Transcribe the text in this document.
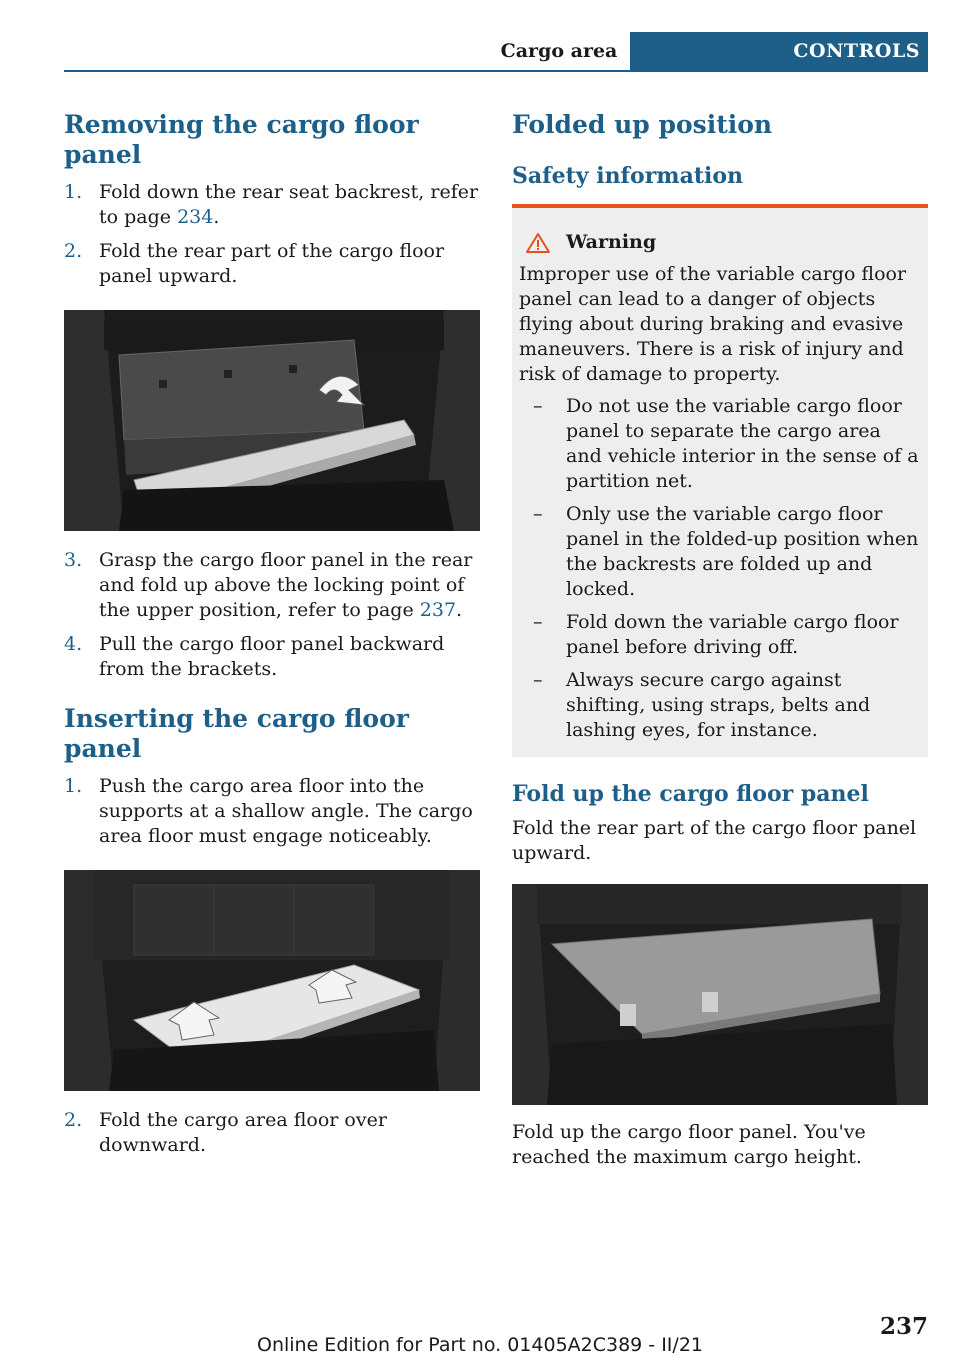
Cargo area	CONTROLS
Removing the cargo floor panel
1. Fold down the rear seat backrest, refer to page 234.
2. Fold the rear part of the cargo floor panel upward.
3. Grasp the cargo floor panel in the rear and fold up above the locking point of the upper position, refer to page 237.
4. Pull the cargo floor panel backward from the brackets.
Inserting the cargo floor panel
1. Push the cargo area floor into the supports at a shallow angle. The cargo area floor must engage noticeably.
2. Fold the cargo area floor over downward.
Folded up position
Safety information
Warning

Improper use of the variable cargo floor panel can lead to a danger of objects flying about during braking and evasive maneuvers. There is a risk of injury and risk of damage to property.

– Do not use the variable cargo floor panel to separate the cargo area and vehicle interior in the sense of a partition net.
– Only use the variable cargo floor panel in the folded-up position when the backrests are folded up and locked.
– Fold down the variable cargo floor panel before driving off.
– Always secure cargo against shifting, using straps, belts and lashing eyes, for instance.
Fold up the cargo floor panel

Fold the rear part of the cargo floor panel upward.

Fold up the cargo floor panel. You've reached the maximum cargo height.

237
Online Edition for Part no. 01405A2C389 - II/21
